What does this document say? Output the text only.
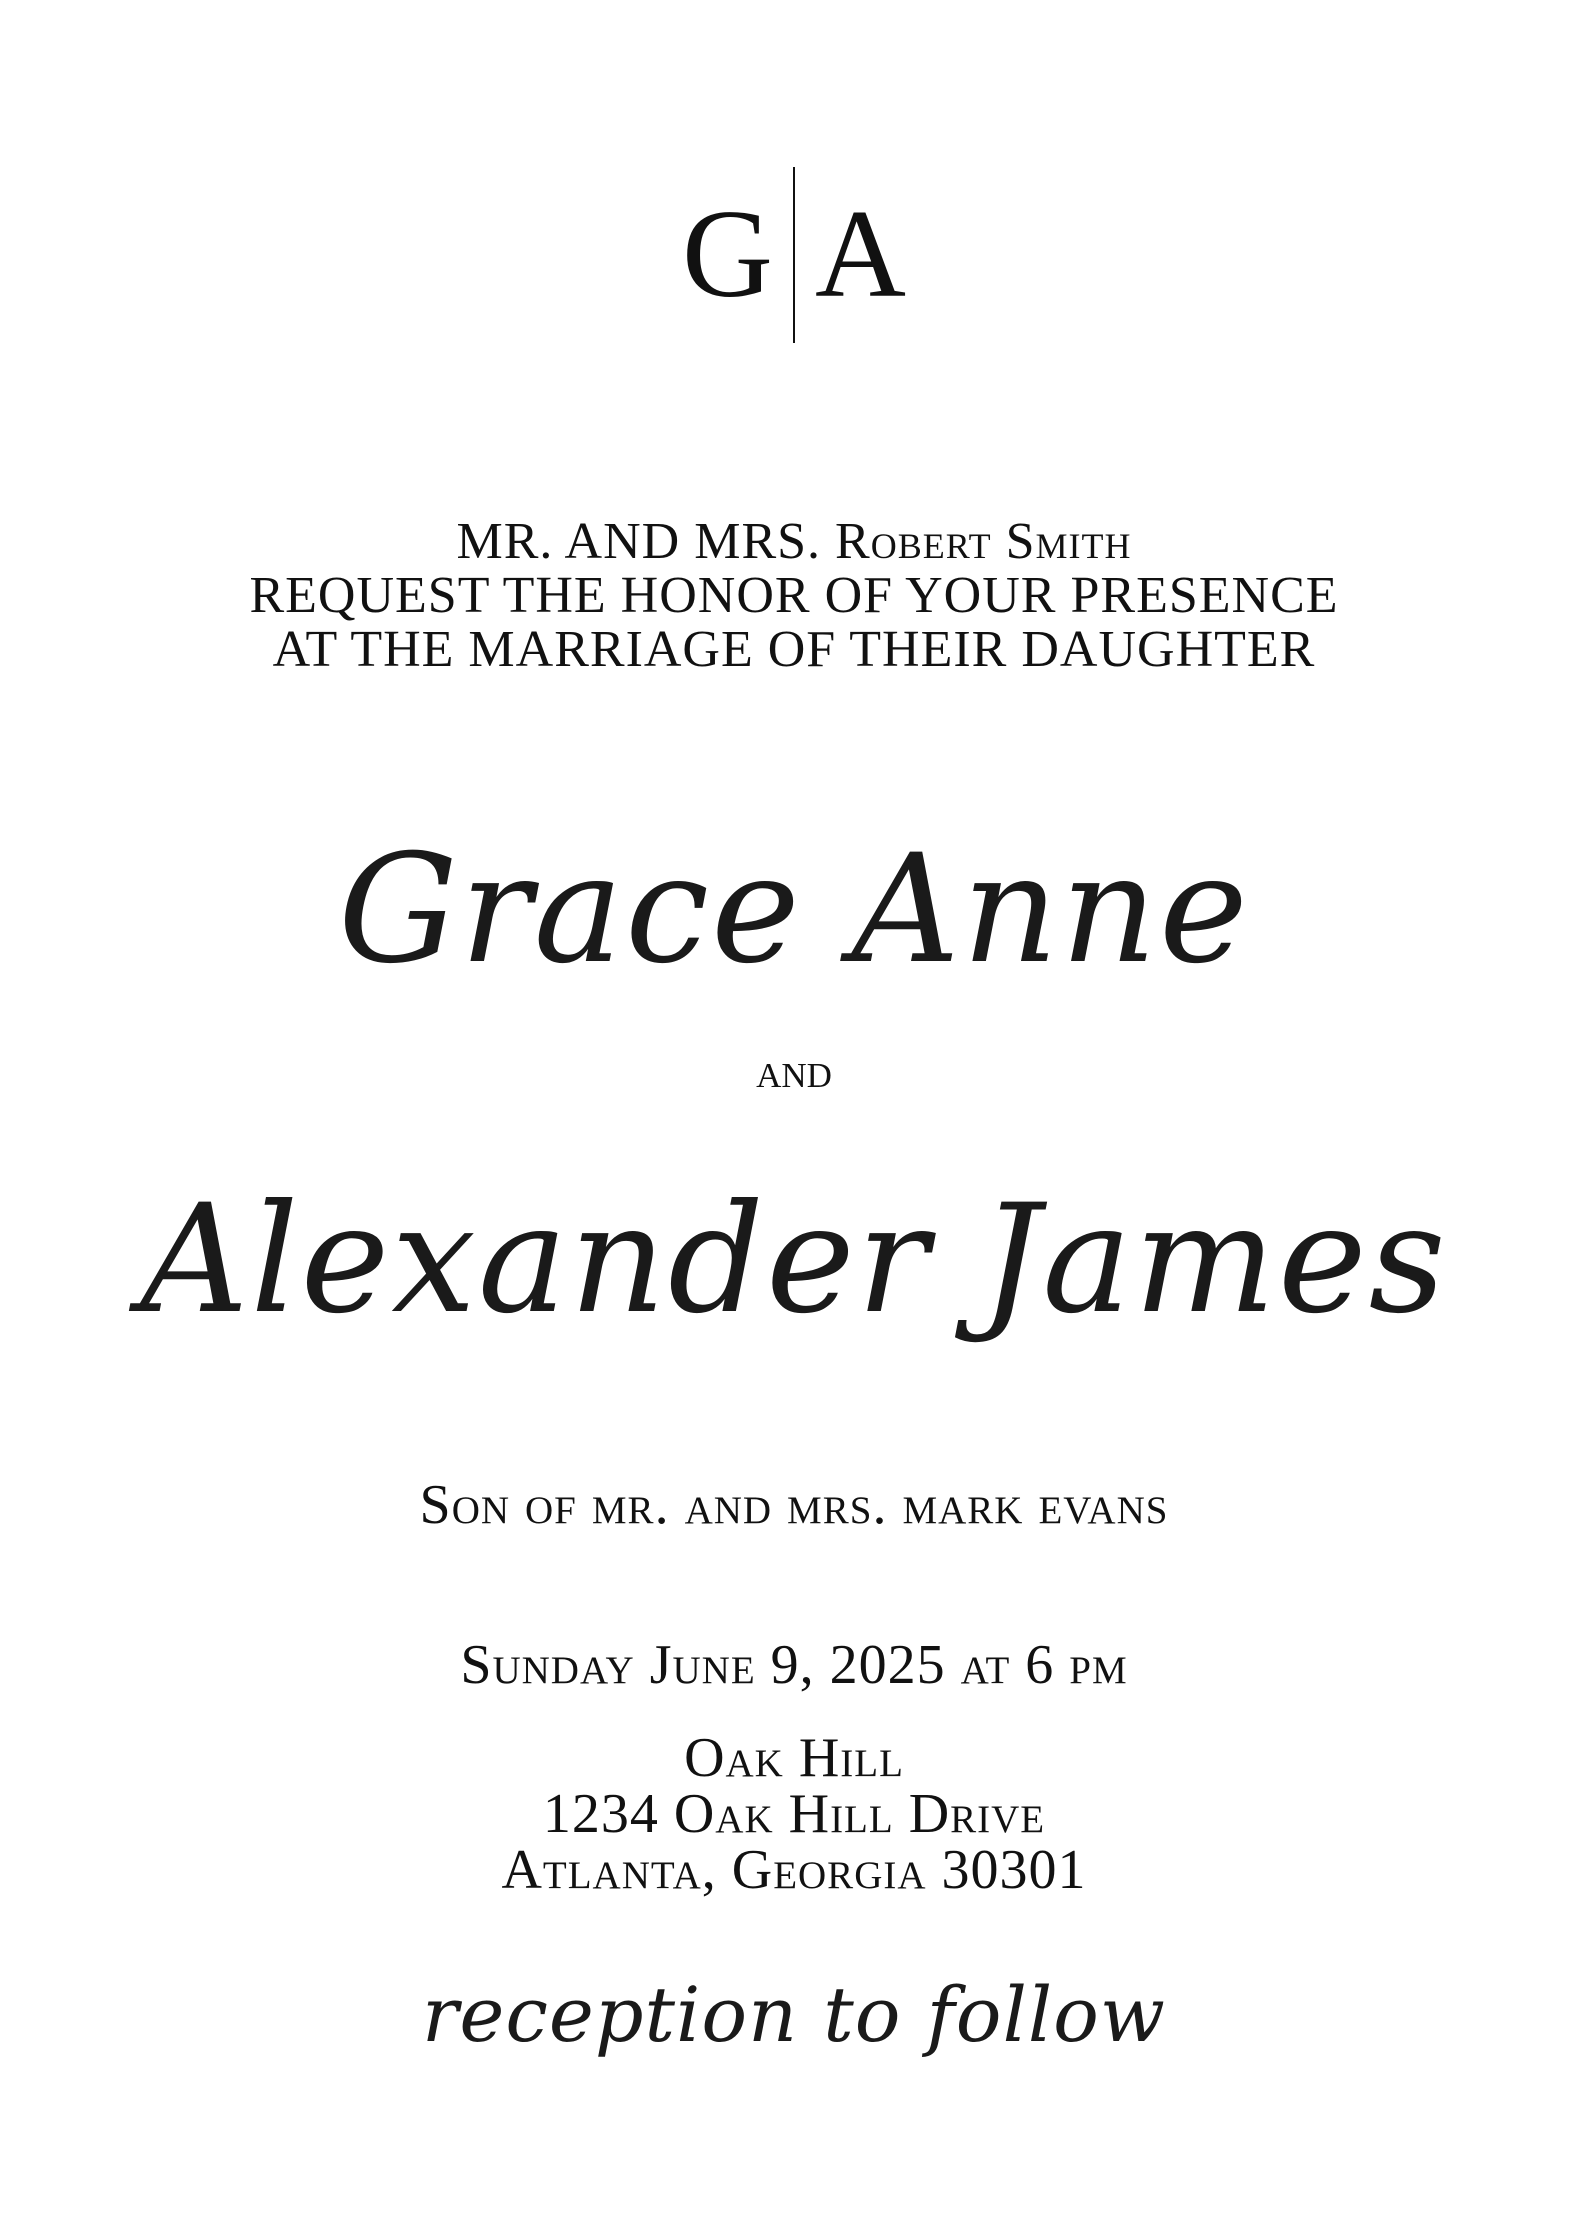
G A
MR. AND MRS. Robert Smith
REQUEST THE HONOR OF YOUR PRESENCE
AT THE MARRIAGE OF THEIR DAUGHTER
Grace Anne
and
Alexander James
Son of mr. and mrs. mark evans
Sunday June 9, 2025 at 6 pm
Oak Hill
1234 Oak Hill Drive
Atlanta, Georgia 30301
reception to follow
